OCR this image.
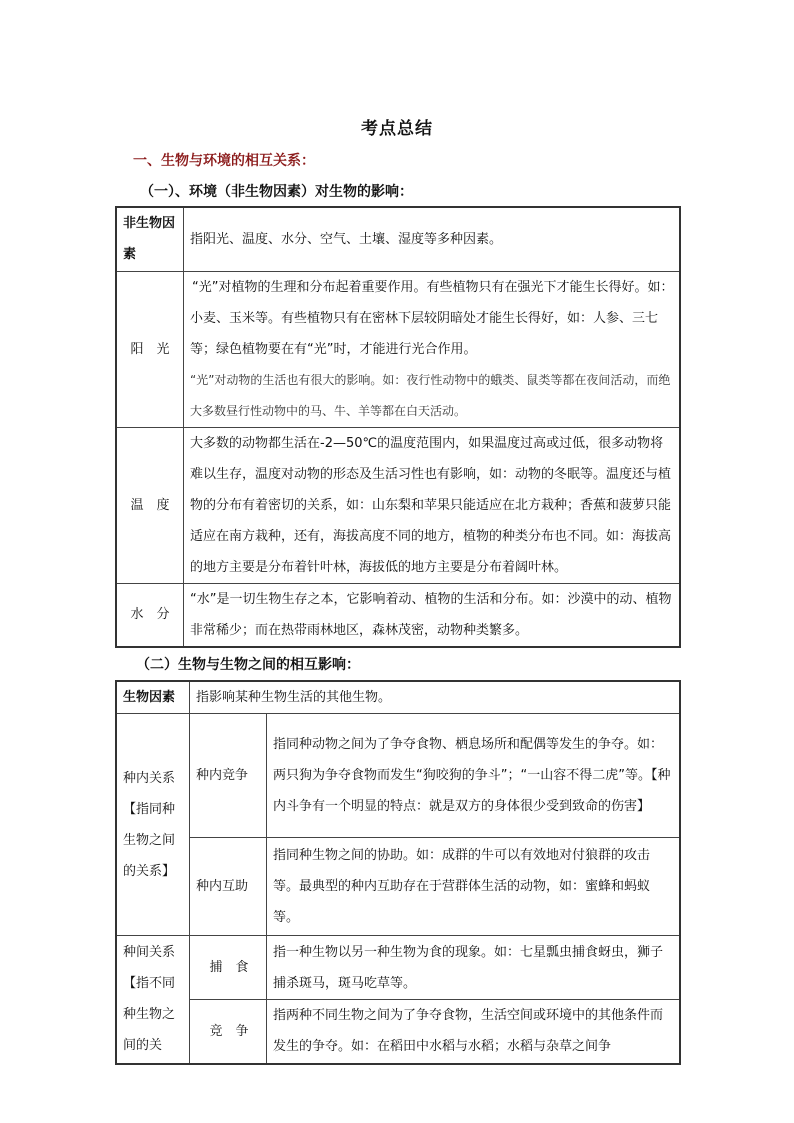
考点总结
一、生物与环境的相互关系：
（一）、环境（非生物因素）对生物的影响：
非生物因素	指阳光、温度、水分、空气、土壤、湿度等多种因素。
阳　光	“光”对植物的生理和分布起着重要作用。有些植物只有在强光下才能生长得好。如：小麦、玉米等。有些植物只有在密林下层较阴暗处才能生长得好，如：人参、三七等；绿色植物要在有“光”时，才能进行光合作用。
“光”对动物的生活也有很大的影响。如：夜行性动物中的蛾类、鼠类等都在夜间活动，而绝大多数昼行性动物中的马、牛、羊等都在白天活动。

温　度	大多数的动物都生活在-2—50℃的温度范围内，如果温度过高或过低，很多动物将难以生存，温度对动物的形态及生活习性也有影响，如：动物的冬眠等。温度还与植物的分布有着密切的关系，如：山东梨和苹果只能适应在北方栽种；香蕉和菠萝只能适应在南方栽种，还有，海拔高度不同的地方，植物的种类分布也不同。如：海拔高的地方主要是分布着针叶林，海拔低的地方主要是分布着阔叶林。
水　分	“水”是一切生物生存之本，它影响着动、植物的生活和分布。如：沙漠中的动、植物非常稀少；而在热带雨林地区，森林茂密，动物种类繁多。
（二）生物与生物之间的相互影响：
生物因素	指影响某种生物生活的其他生物。	
种内关系【指同种生物之间的关系】	种内竞争	指同种动物之间为了争夺食物、栖息场所和配偶等发生的争夺。如：两只狗为争夺食物而发生“狗咬狗的争斗”；“一山容不得二虎”等。【种内斗争有一个明显的特点：就是双方的身体很少受到致命的伤害】
	种内互助	指同种生物之间的协助。如：成群的牛可以有效地对付狼群的攻击等。最典型的种内互助存在于营群体生活的动物，如：蜜蜂和蚂蚁等。
种间关系【指不同种生物之间的关	捕　食	指一种生物以另一种生物为食的现象。如：七星瓢虫捕食蚜虫，狮子捕杀斑马，斑马吃草等。
	竞　争	指两种不同生物之间为了争夺食物，生活空间或环境中的其他条件而发生的争夺。如：在稻田中水稻与水稻；水稻与杂草之间争
